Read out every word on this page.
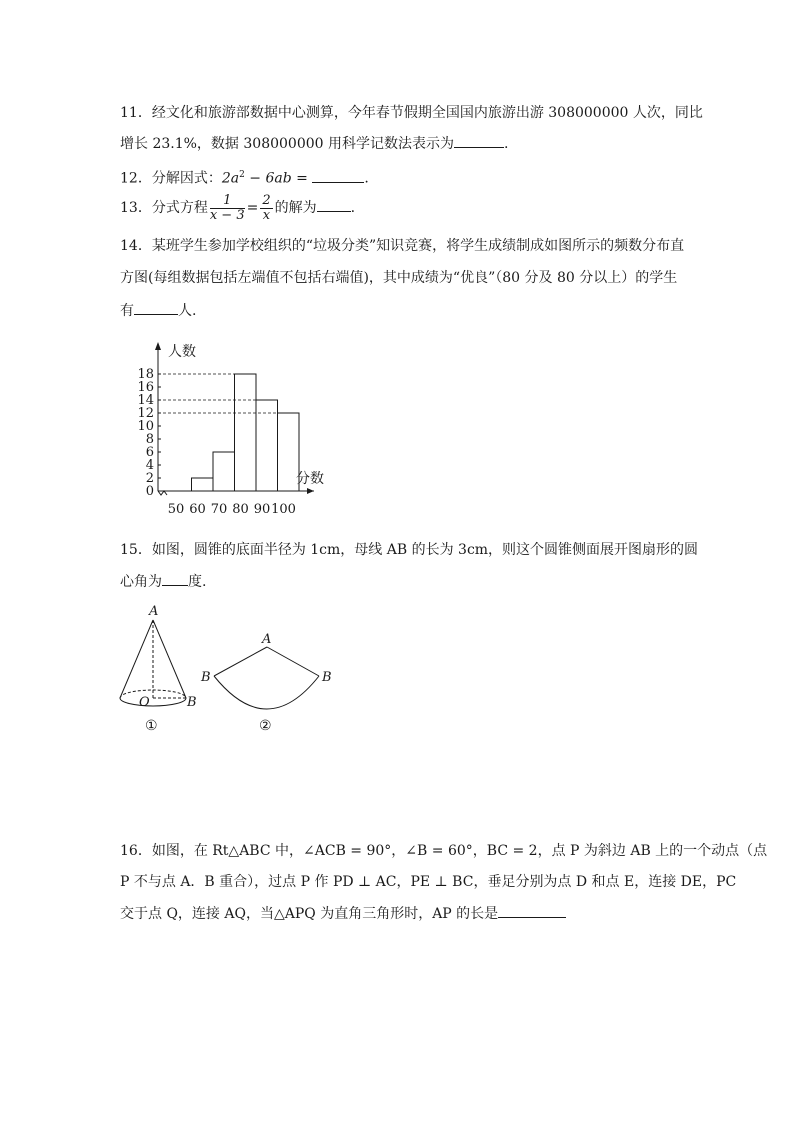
11．经文化和旅游部数据中心测算，今年春节假期全国国内旅游出游 308000000 人次，同比
增长 23.1%，数据 308000000 用科学记数法表示为	.
12．分解因式：$2a^2 - 6ab$ =	.
13．分式方程 $\frac{1}{x - 3} = \frac{2}{x}$ 的解为 .
14．某班学生参加学校组织的“垃圾分类”知识竞赛，将学生成绩制成如图所示的频数分布直
方图(每组数据包括左端值不包括右端值)，其中成绩为“优良”（80 分及 80 分以上）的学生
有	人.
0
2
4
6
8
10
12
14
16
18
50 60 70 80 90 100
人数
分数
15．如图，圆锥的底面半径为 1cm，母线 AB 的长为 3cm，则这个圆锥侧面展开图扇形的圆
心角为 度.
A
O	B
①
A
B	B
②
16．如图，在 Rt△ABC 中，∠ACB = 90°，∠B = 60°，BC = 2，点 P 为斜边 AB 上的一个动点（点
P 不与点 A．B 重合），过点 P 作 PD ⊥ AC，PE ⊥ BC，垂足分别为点 D 和点 E，连接 DE，PC
交于点 Q，连接 AQ，当△APQ 为直角三角形时，AP 的长是
